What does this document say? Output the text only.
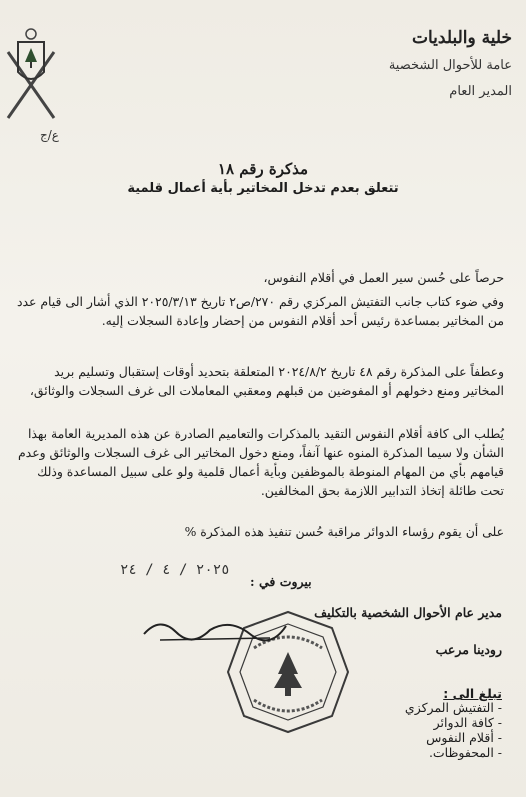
خلية والبلديات
عامة للأحوال الشخصية
المدير العام
ع/ج
مذكرة رقم ١٨
تتعلق بعدم تدخل المخاتير بأية أعمال قلمية
حرصاً على حُسن سير العمل في أقلام النفوس،
وفي ضوء كتاب جانب التفتيش المركزي رقم ٢٧٠/ص٢ تاريخ ٢٠٢٥/٣/١٣ الذي أشار الى قيام عدد من المخاتير بمساعدة رئيس أحد أقلام النفوس من إحضار وإعادة السجلات إليه.
وعطفاً على المذكرة رقم ٤٨ تاريخ ٢٠٢٤/٨/٢ المتعلقة بتحديد أوقات إستقبال وتسليم بريد المخاتير ومنع دخولهم أو المفوضين من قبلهم ومعقبي المعاملات الى غرف السجلات والوثائق،
يُطلب الى كافة أقلام النفوس التقيد بالمذكرات والتعاميم الصادرة عن هذه المديرية العامة بهذا الشأن ولا سيما المذكرة المنوه عنها آنفاً، ومنع دخول المخاتير الى غرف السجلات والوثائق وعدم قيامهم بأي من المهام المنوطة بالموظفين وبأية أعمال قلمية ولو على سبيل المساعدة وذلك تحت طائلة إتخاذ التدابير اللازمة بحق المخالفين.
على أن يقوم رؤساء الدوائر مراقبة حُسن تنفيذ هذه المذكرة %
٢٠٢٥ / ٤ / ٢٤
بيروت في :
مدير عام الأحوال الشخصية بالتكليف
رودينا مرعب
تبلغ الى :
- التفتيش المركزي
- كافة الدوائر
- أقلام النفوس
- المحفوظات.
